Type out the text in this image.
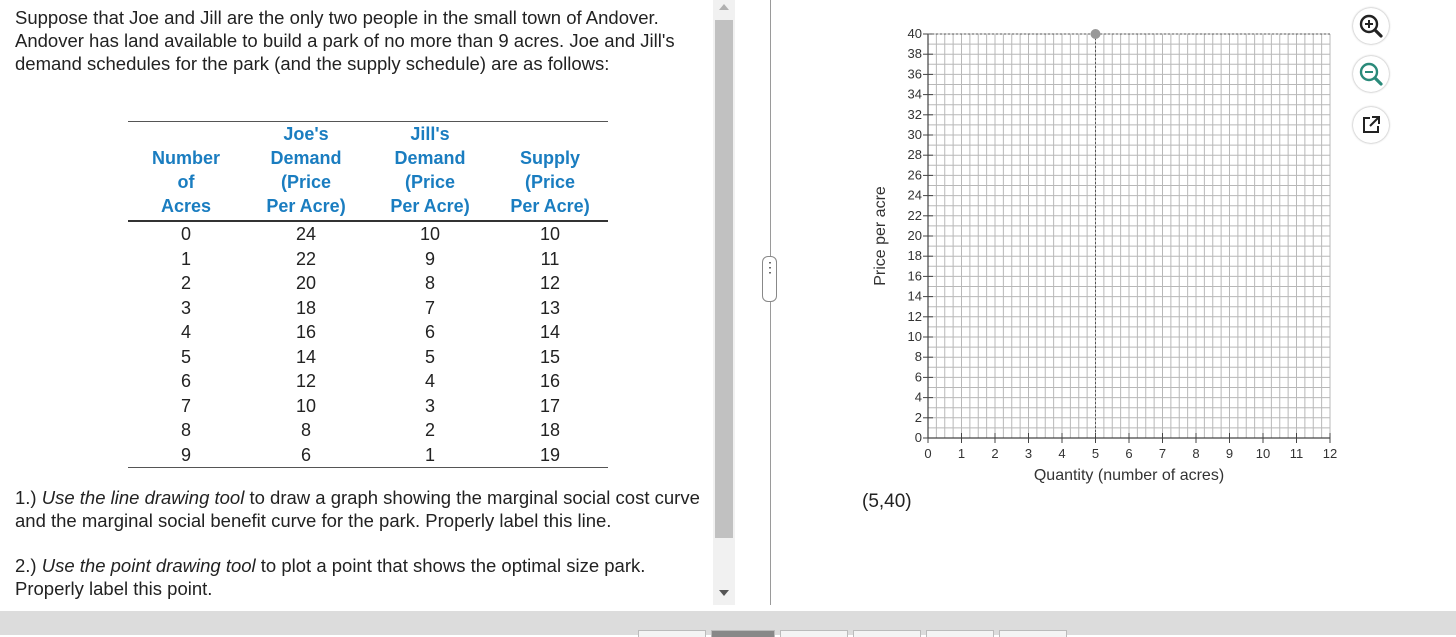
Suppose that Joe and Jill are the only two people in the small town of Andover. Andover has land available to build a park of no more than 9 acres. Joe and Jill's demand schedules for the park (and the supply schedule) are as follows:

Number
of
Acres	Joe's
Demand
(Price
Per Acre)	Jill's
Demand
(Price
Per Acre)	Supply
(Price
Per Acre)
0	24	10	10
1	22	9	11
2	20	8	12
3	18	7	13
4	16	6	14
5	14	5	15
6	12	4	16
7	10	3	17
8	8	2	18
9	6	1	19

1.) Use the line drawing tool to draw a graph showing the marginal social cost curve and the marginal social benefit curve for the park. Properly label this line.

2.) Use the point drawing tool to plot a point that shows the optimal size park. Properly label this point.

⋮
0
2
4
6
8
10
12
14
16
18
20
22
24
26
28
30
32
34
36
38
40
0 1 2 3 4 5 6 7 8 9 10 11 12
Quantity (number of acres)
Price per acre
(5,40)
